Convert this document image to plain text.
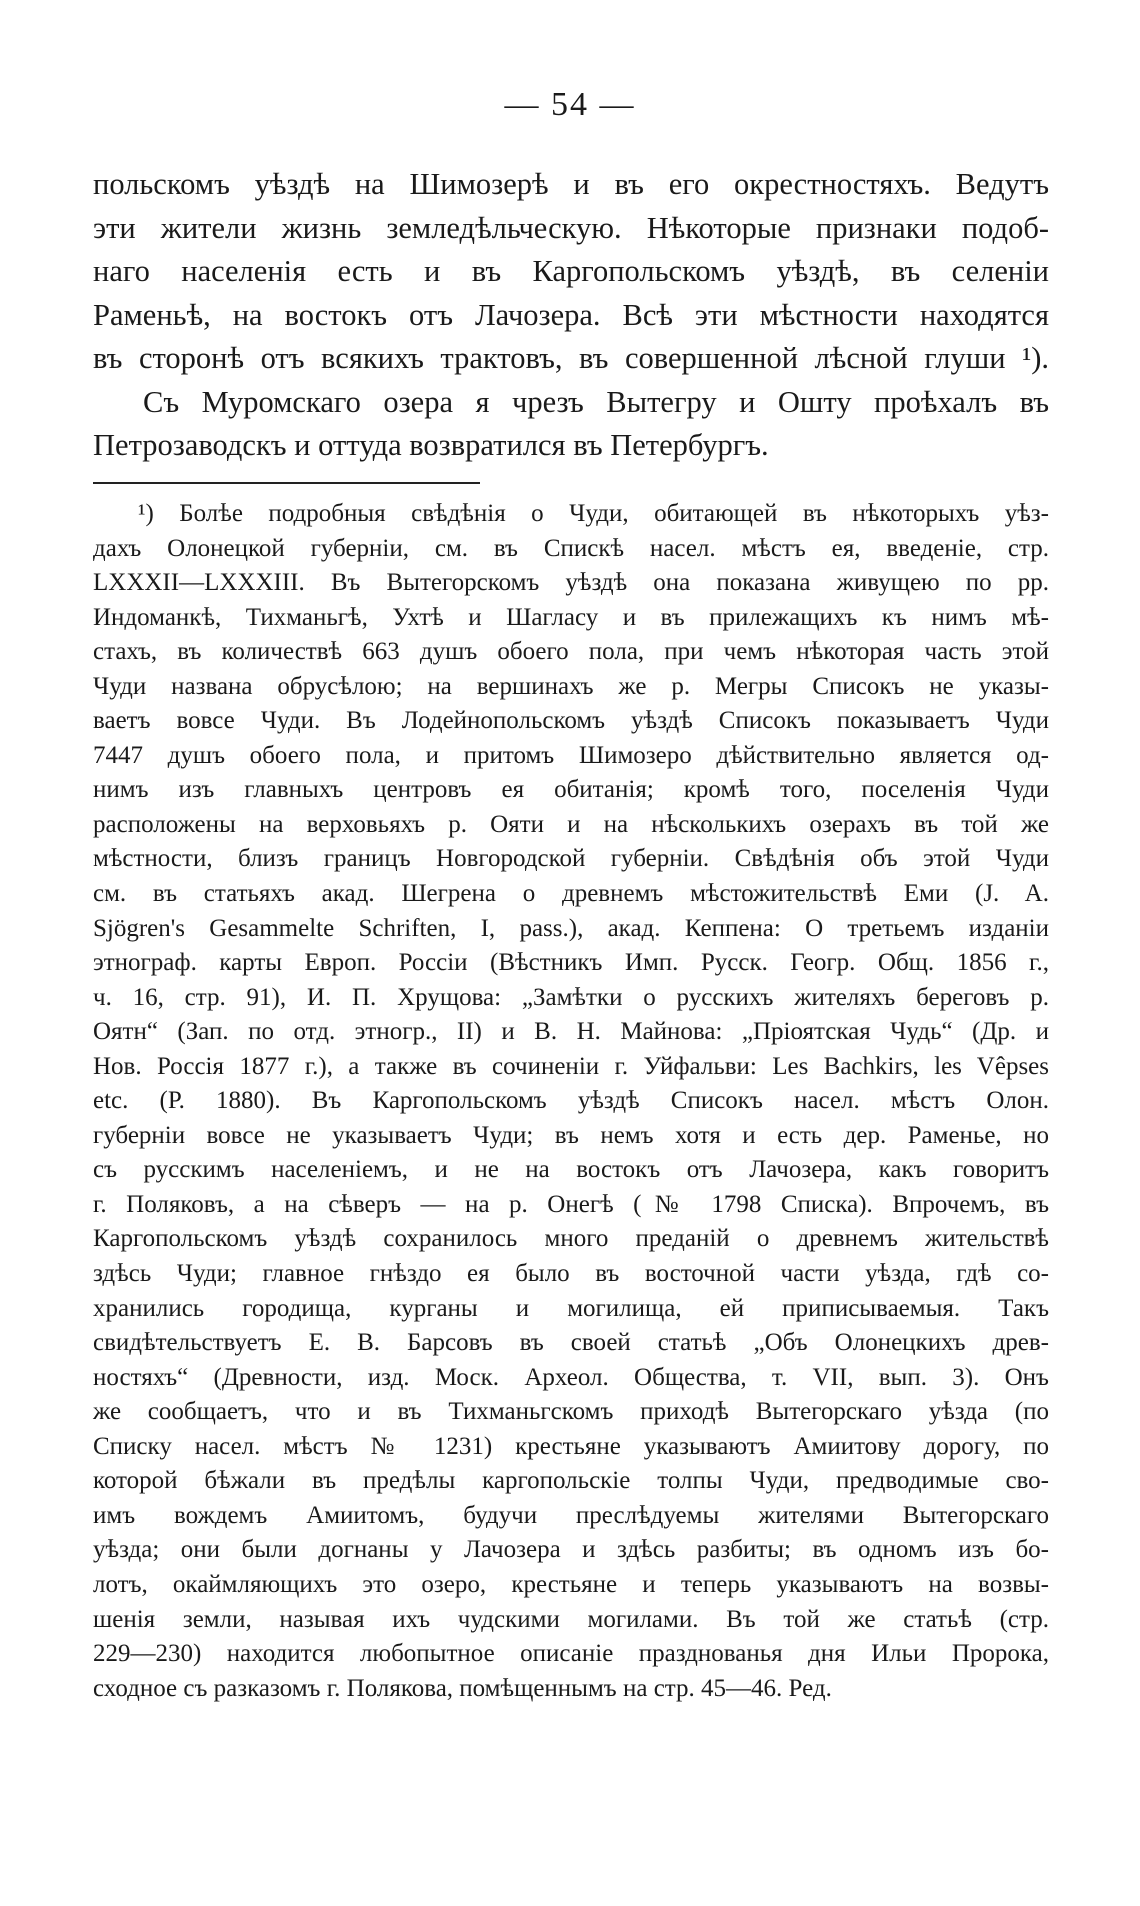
— 54 —
польскомъ уѣздѣ на Шимозерѣ и въ его окрестностяхъ. Ведутъ
эти жители жизнь земледѣльческую. Нѣкоторые признаки подоб-
наго населенія есть и въ Каргопольскомъ уѣздѣ, въ селеніи
Раменьѣ, на востокъ отъ Лачозера. Всѣ эти мѣстности находятся
въ сторонѣ отъ всякихъ трактовъ, въ совершенной лѣсной глуши ¹).
Съ Муромскаго озера я чрезъ Вытегру и Ошту проѣхалъ въ
Петрозаводскъ и оттуда возвратился въ Петербургъ.
¹) Болѣе подробныя свѣдѣнія о Чуди, обитающей въ нѣкоторыхъ уѣз-
дахъ Олонецкой губерніи, см. въ Спискѣ насел. мѣстъ ея, введеніе, стр.
LXXXII—LXXXIII. Въ Вытегорскомъ уѣздѣ она показана живущею по рр.
Индоманкѣ, Тихманьгѣ, Ухтѣ и Шагласу и въ прилежащихъ къ нимъ мѣ-
стахъ, въ количествѣ 663 душъ обоего пола, при чемъ нѣкоторая часть этой
Чуди названа обрусѣлою; на вершинахъ же р. Мегры Списокъ не указы-
ваетъ вовсе Чуди. Въ Лодейнопольскомъ уѣздѣ Списокъ показываетъ Чуди
7447 душъ обоего пола, и притомъ Шимозеро дѣйствительно является од-
нимъ изъ главныхъ центровъ ея обитанія; кромѣ того, поселенія Чуди
расположены на верховьяхъ р. Ояти и на нѣсколькихъ озерахъ въ той же
мѣстности, близъ границъ Новгородской губерніи. Свѣдѣнія объ этой Чуди
см. въ статьяхъ акад. Шегрена о древнемъ мѣстожительствѣ Еми (J. A.
Sjögren's Gesammelte Schriften, I, pass.), акад. Кеппена: О третьемъ изданіи
этнограф. карты Европ. Россіи (Вѣстникъ Имп. Русск. Геогр. Общ. 1856 г.,
ч. 16, стр. 91), И. П. Хрущова: „Замѣтки о русскихъ жителяхъ береговъ р.
Оятн“ (Зап. по отд. этногр., II) и В. Н. Майнова: „Пріоятская Чудь“ (Др. и
Нов. Россія 1877 г.), а также въ сочиненіи г. Уйфальви: Les Bachkirs, les Vêpses
etc. (Р. 1880). Въ Каргопольскомъ уѣздѣ Списокъ насел. мѣстъ Олон.
губерніи вовсе не указываетъ Чуди; въ немъ хотя и есть дер. Раменье, но
съ русскимъ населеніемъ, и не на востокъ отъ Лачозера, какъ говоритъ
г. Поляковъ, а на сѣверъ — на р. Онегѣ (№ 1798 Списка). Впрочемъ, въ
Каргопольскомъ уѣздѣ сохранилось много преданій о древнемъ жительствѣ
здѣсь Чуди; главное гнѣздо ея было въ восточной части уѣзда, гдѣ со-
хранились городища, курганы и могилища, ей приписываемыя. Такъ
свидѣтельствуетъ Е. В. Барсовъ въ своей статьѣ „Объ Олонецкихъ древ-
ностяхъ“ (Древности, изд. Моск. Археол. Общества, т. VII, вып. 3). Онъ
же сообщаетъ, что и въ Тихманьгскомъ приходѣ Вытегорскаго уѣзда (по
Списку насел. мѣстъ № 1231) крестьяне указываютъ Амиитову дорогу, по
которой бѣжали въ предѣлы каргопольскіе толпы Чуди, предводимые сво-
имъ вождемъ Амиитомъ, будучи преслѣдуемы жителями Вытегорскаго
уѣзда; они были догнаны у Лачозера и здѣсь разбиты; въ одномъ изъ бо-
лотъ, окаймляющихъ это озеро, крестьяне и теперь указываютъ на возвы-
шенія земли, называя ихъ чудскими могилами. Въ той же статьѣ (стр.
229—230) находится любопытное описаніе празднованья дня Ильи Пророка,
сходное съ разказомъ г. Полякова, помѣщеннымъ на стр. 45—46. Ред.
